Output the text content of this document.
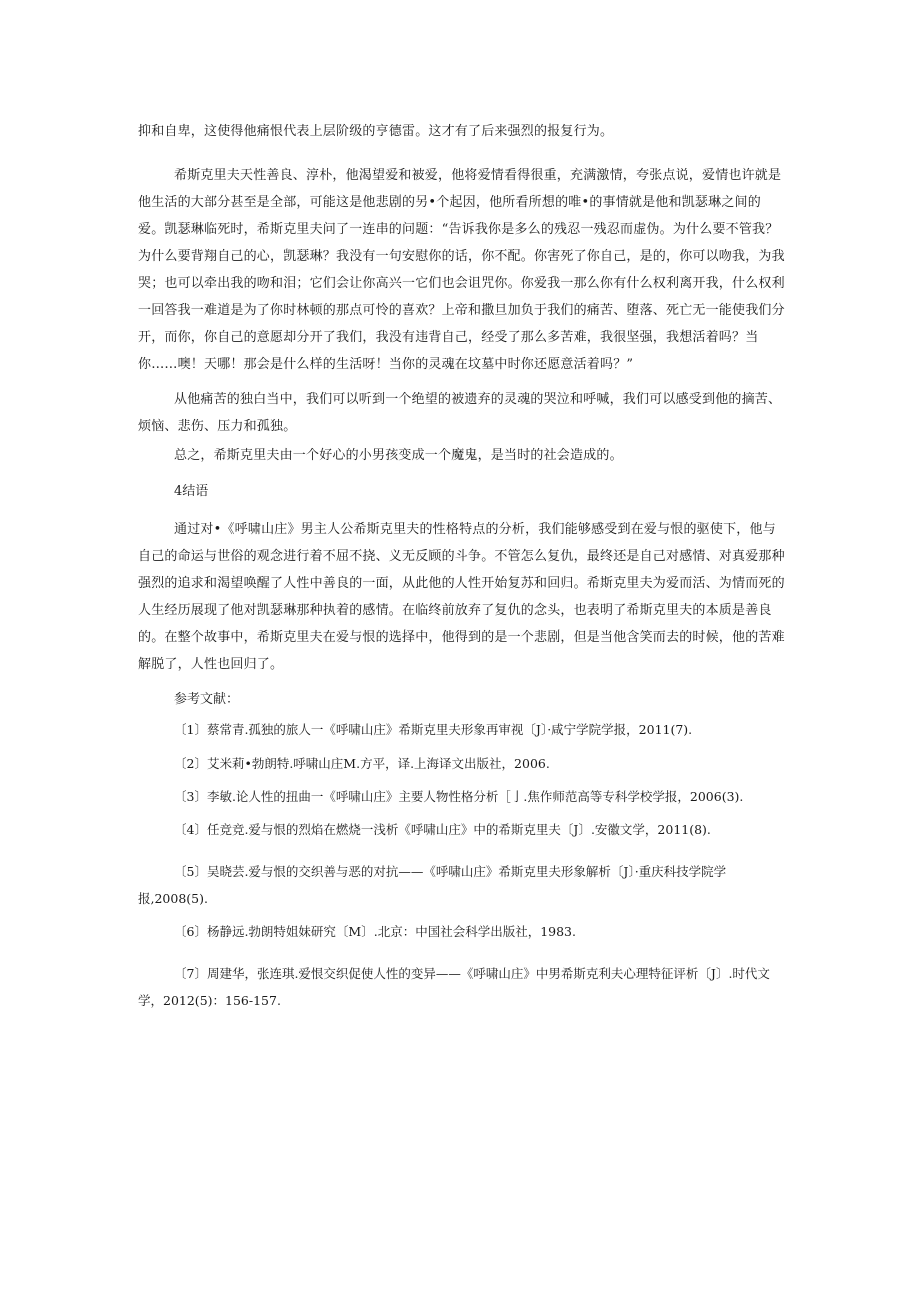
抑和自卑，这使得他痛恨代表上层阶级的亨德雷。这才有了后来强烈的报复行为。

希斯克里夫天性善良、淳朴，他渴望爱和被爱，他将爱情看得很重，充满激情，夸张点说，爱情也许就是他生活的大部分甚至是全部，可能这是他悲剧的另•个起因，他所看所想的唯•的事情就是他和凯瑟琳之间的爱。凯瑟琳临死时，希斯克里夫问了一连串的问题：“告诉我你是多么的残忍一残忍而虚伪。为什么要不管我？为什么要背翔自己的心，凯瑟琳？我没有一句安慰你的话，你不配。你害死了你自己，是的，你可以吻我，为我哭；也可以牵出我的吻和泪；它们会让你高兴一它们也会诅咒你。你爱我一那么你有什么权利离开我，什么权利一回答我一难道是为了你时林顿的那点可怜的喜欢？上帝和撒旦加负于我们的痛苦、堕落、死亡无一能使我们分开，而你，你自己的意愿却分开了我们，我没有违背自己，经受了那么多苦难，我很坚强，我想活着吗？当你……噢！天哪！那会是什么样的生活呀！当你的灵魂在坟墓中时你还愿意活着吗？”

从他痛苦的独白当中，我们可以听到一个绝望的被遗弃的灵魂的哭泣和呼喊，我们可以感受到他的摘苦、烦恼、悲伤、压力和孤独。

总之，希斯克里夫由一个好心的小男孩变成一个魔鬼，是当时的社会造成的。

4结语

通过对•《呼啸山庄》男主人公希斯克里夫的性格特点的分析，我们能够感受到在爱与恨的驱使下，他与自己的命运与世俗的观念进行着不屈不挠、义无反顾的斗争。不管怎么复仇，最终还是自己对感情、对真爱那种强烈的追求和渴望唤醒了人性中善良的一面，从此他的人性开始复苏和回归。希斯克里夫为爱而活、为情而死的人生经历展现了他对凯瑟琳那种执着的感情。在临终前放弃了复仇的念头，也表明了希斯克里夫的本质是善良的。在整个故事中，希斯克里夫在爱与恨的选择中，他得到的是一个悲剧，但是当他含笑而去的时候，他的苦难解脱了，人性也回归了。

参考文献：

〔1〕蔡常青.孤独的旅人一《呼啸山庄》希斯克里夫形象再审视〔J〕·咸宁学院学报，2011(7).

〔2〕艾米莉•勃朗特.呼啸山庄M.方平，译.上海译文出版社，2006.

〔3〕李敏.论人性的扭曲一《呼啸山庄》主要人物性格分析［亅.焦作师范高等专科学校学报，2006(3).

〔4〕任竞竞.爱与恨的烈焰在燃烧一浅析《呼啸山庄》中的希斯克里夫〔J〕.安徽文学，2011(8).

〔5〕吴晓芸.爱与恨的交织善与恶的对抗——《呼啸山庄》希斯克里夫形象解析〔J〕·重庆科技学院学报,2008(5).

〔6〕杨静远.勃朗特姐妹研究〔M〕.北京：中国社会科学出版社，1983.

〔7〕周建华，张连琪.爱恨交织促使人性的变异——《呼啸山庄》中男希斯克利夫心理特征评析〔J〕.时代文学，2012(5)：156-157.
